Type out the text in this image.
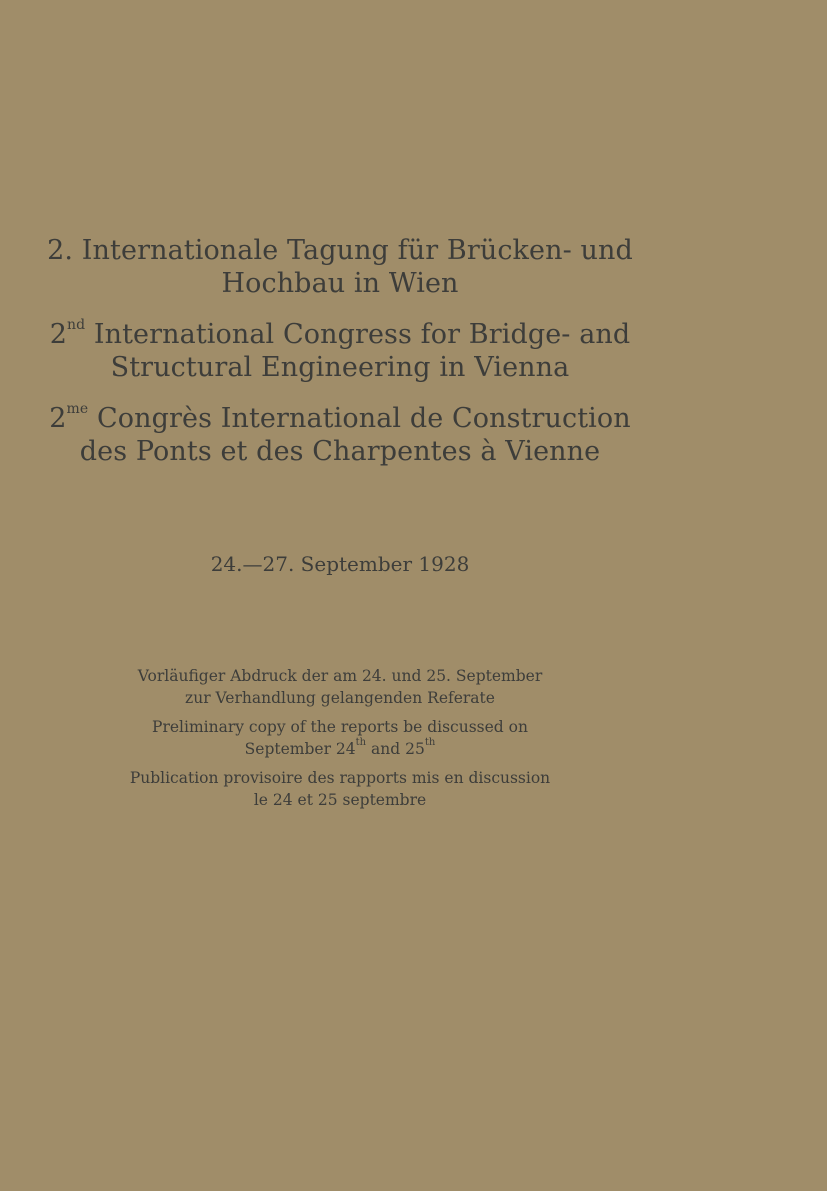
2. Internationale Tagung für Brücken- und
Hochbau in Wien
2nd International Congress for Bridge- and
Structural Engineering in Vienna
$2^{me}$ Congrès International de Construction
des Ponts et des Charpentes à Vienne
24.—27. September 1928
Vorläufiger Abdruck der am 24. und 25. September
zur Verhandlung gelangenden Referate
Preliminary copy of the reports be discussed on
September 24th and 25th
Publication provisoire des rapports mis en discussion
le 24 et 25 septembre
